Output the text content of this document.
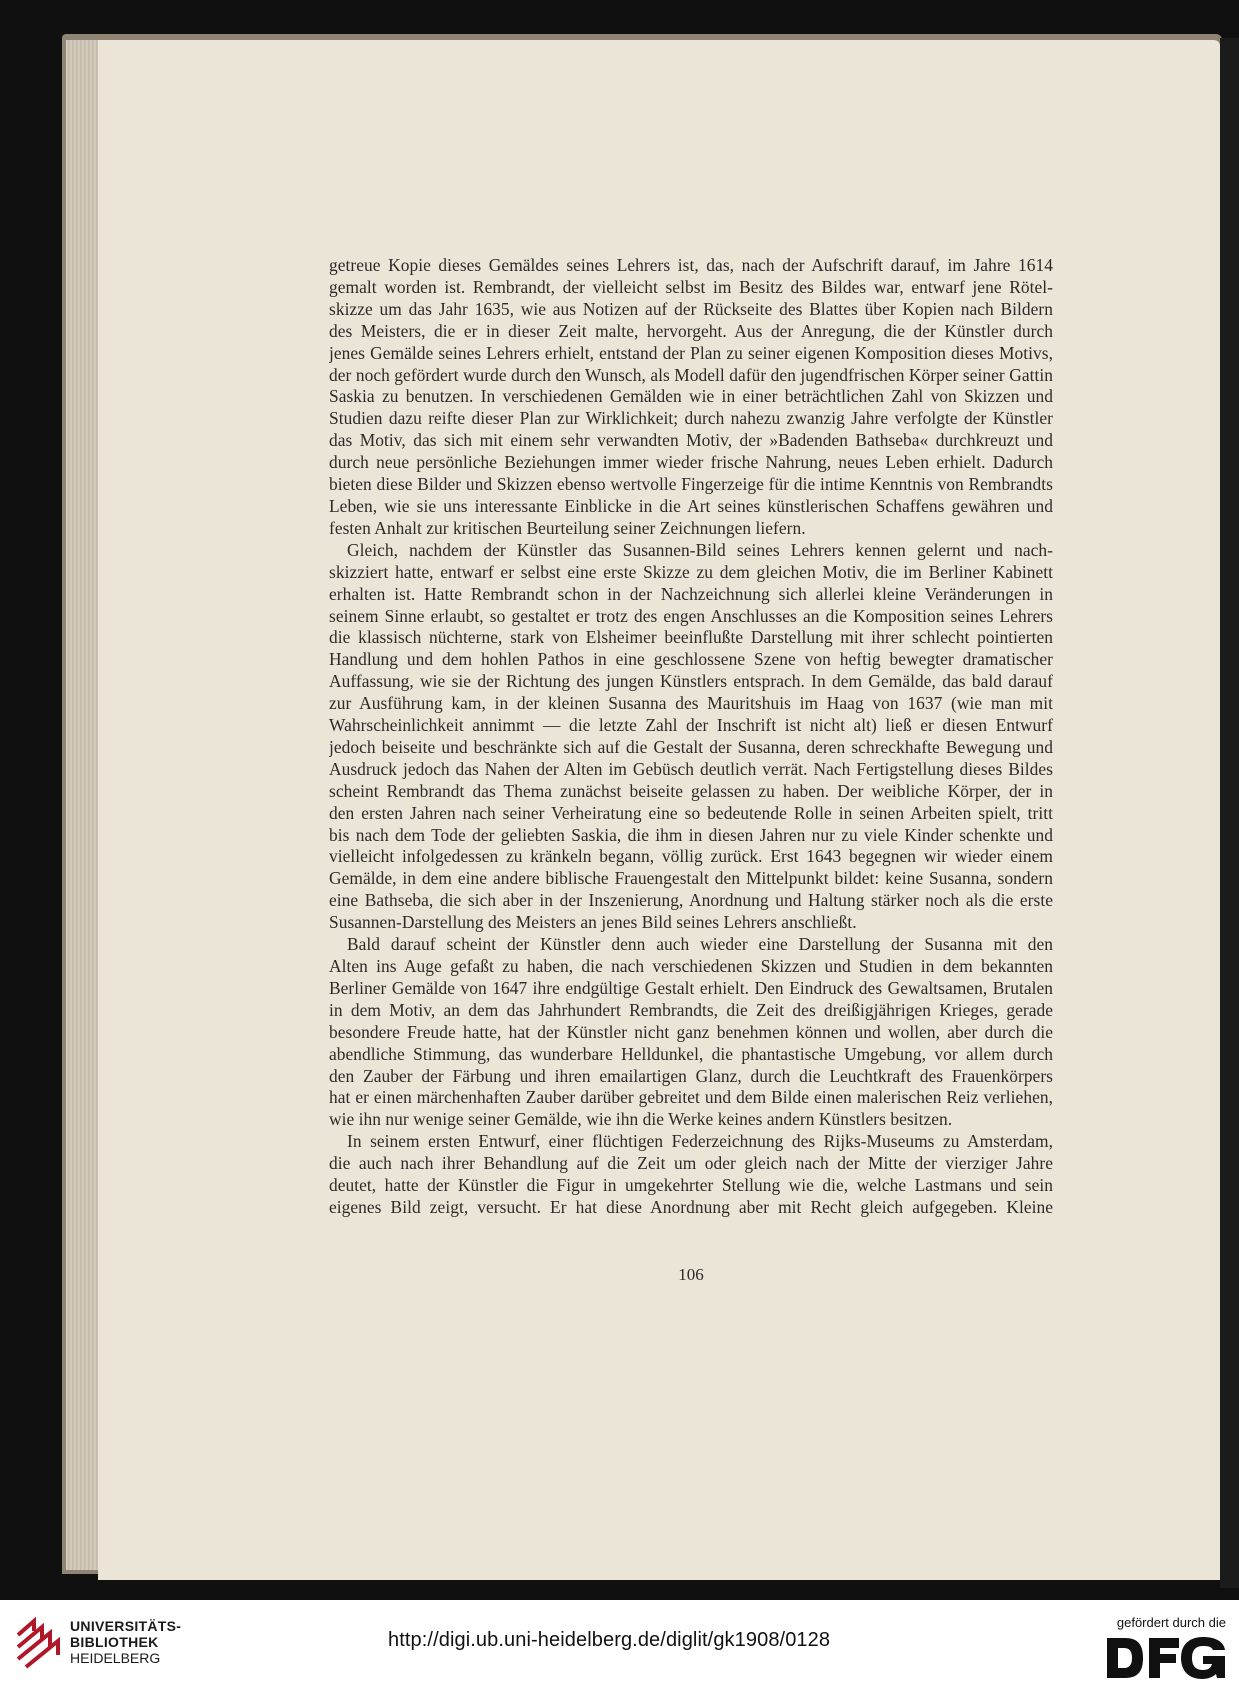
getreue Kopie dieses Gemäldes seines Lehrers ist, das, nach der Aufschrift darauf, im Jahre 1614
gemalt worden ist. Rembrandt, der vielleicht selbst im Besitz des Bildes war, entwarf jene Rötel-
skizze um das Jahr 1635, wie aus Notizen auf der Rückseite des Blattes über Kopien nach Bildern
des Meisters, die er in dieser Zeit malte, hervorgeht. Aus der Anregung, die der Künstler durch
jenes Gemälde seines Lehrers erhielt, entstand der Plan zu seiner eigenen Komposition dieses Motivs,
der noch gefördert wurde durch den Wunsch, als Modell dafür den jugendfrischen Körper seiner Gattin
Saskia zu benutzen. In verschiedenen Gemälden wie in einer beträchtlichen Zahl von Skizzen und
Studien dazu reifte dieser Plan zur Wirklichkeit; durch nahezu zwanzig Jahre verfolgte der Künstler
das Motiv, das sich mit einem sehr verwandten Motiv, der »Badenden Bathseba« durchkreuzt und
durch neue persönliche Beziehungen immer wieder frische Nahrung, neues Leben erhielt. Dadurch
bieten diese Bilder und Skizzen ebenso wertvolle Fingerzeige für die intime Kenntnis von Rembrandts
Leben, wie sie uns interessante Einblicke in die Art seines künstlerischen Schaffens gewähren und
festen Anhalt zur kritischen Beurteilung seiner Zeichnungen liefern.
Gleich, nachdem der Künstler das Susannen-Bild seines Lehrers kennen gelernt und nach-
skizziert hatte, entwarf er selbst eine erste Skizze zu dem gleichen Motiv, die im Berliner Kabinett
erhalten ist. Hatte Rembrandt schon in der Nachzeichnung sich allerlei kleine Veränderungen in
seinem Sinne erlaubt, so gestaltet er trotz des engen Anschlusses an die Komposition seines Lehrers
die klassisch nüchterne, stark von Elsheimer beeinflußte Darstellung mit ihrer schlecht pointierten
Handlung und dem hohlen Pathos in eine geschlossene Szene von heftig bewegter dramatischer
Auffassung, wie sie der Richtung des jungen Künstlers entsprach. In dem Gemälde, das bald darauf
zur Ausführung kam, in der kleinen Susanna des Mauritshuis im Haag von 1637 (wie man mit
Wahrscheinlichkeit annimmt — die letzte Zahl der Inschrift ist nicht alt) ließ er diesen Entwurf
jedoch beiseite und beschränkte sich auf die Gestalt der Susanna, deren schreckhafte Bewegung und
Ausdruck jedoch das Nahen der Alten im Gebüsch deutlich verrät. Nach Fertigstellung dieses Bildes
scheint Rembrandt das Thema zunächst beiseite gelassen zu haben. Der weibliche Körper, der in
den ersten Jahren nach seiner Verheiratung eine so bedeutende Rolle in seinen Arbeiten spielt, tritt
bis nach dem Tode der geliebten Saskia, die ihm in diesen Jahren nur zu viele Kinder schenkte und
vielleicht infolgedessen zu kränkeln begann, völlig zurück. Erst 1643 begegnen wir wieder einem
Gemälde, in dem eine andere biblische Frauengestalt den Mittelpunkt bildet: keine Susanna, sondern
eine Bathseba, die sich aber in der Inszenierung, Anordnung und Haltung stärker noch als die erste
Susannen-Darstellung des Meisters an jenes Bild seines Lehrers anschließt.
Bald darauf scheint der Künstler denn auch wieder eine Darstellung der Susanna mit den
Alten ins Auge gefaßt zu haben, die nach verschiedenen Skizzen und Studien in dem bekannten
Berliner Gemälde von 1647 ihre endgültige Gestalt erhielt. Den Eindruck des Gewaltsamen, Brutalen
in dem Motiv, an dem das Jahrhundert Rembrandts, die Zeit des dreißigjährigen Krieges, gerade
besondere Freude hatte, hat der Künstler nicht ganz benehmen können und wollen, aber durch die
abendliche Stimmung, das wunderbare Helldunkel, die phantastische Umgebung, vor allem durch
den Zauber der Färbung und ihren emailartigen Glanz, durch die Leuchtkraft des Frauenkörpers
hat er einen märchenhaften Zauber darüber gebreitet und dem Bilde einen malerischen Reiz verliehen,
wie ihn nur wenige seiner Gemälde, wie ihn die Werke keines andern Künstlers besitzen.
In seinem ersten Entwurf, einer flüchtigen Federzeichnung des Rijks-Museums zu Amsterdam,
die auch nach ihrer Behandlung auf die Zeit um oder gleich nach der Mitte der vierziger Jahre
deutet, hatte der Künstler die Figur in umgekehrter Stellung wie die, welche Lastmans und sein
eigenes Bild zeigt, versucht. Er hat diese Anordnung aber mit Recht gleich aufgegeben. Kleine
106
UNIVERSITÄTS-
BIBLIOTHEK
HEIDELBERG
http://digi.ub.uni-heidelberg.de/diglit/gk1908/0128
gefördert durch die
